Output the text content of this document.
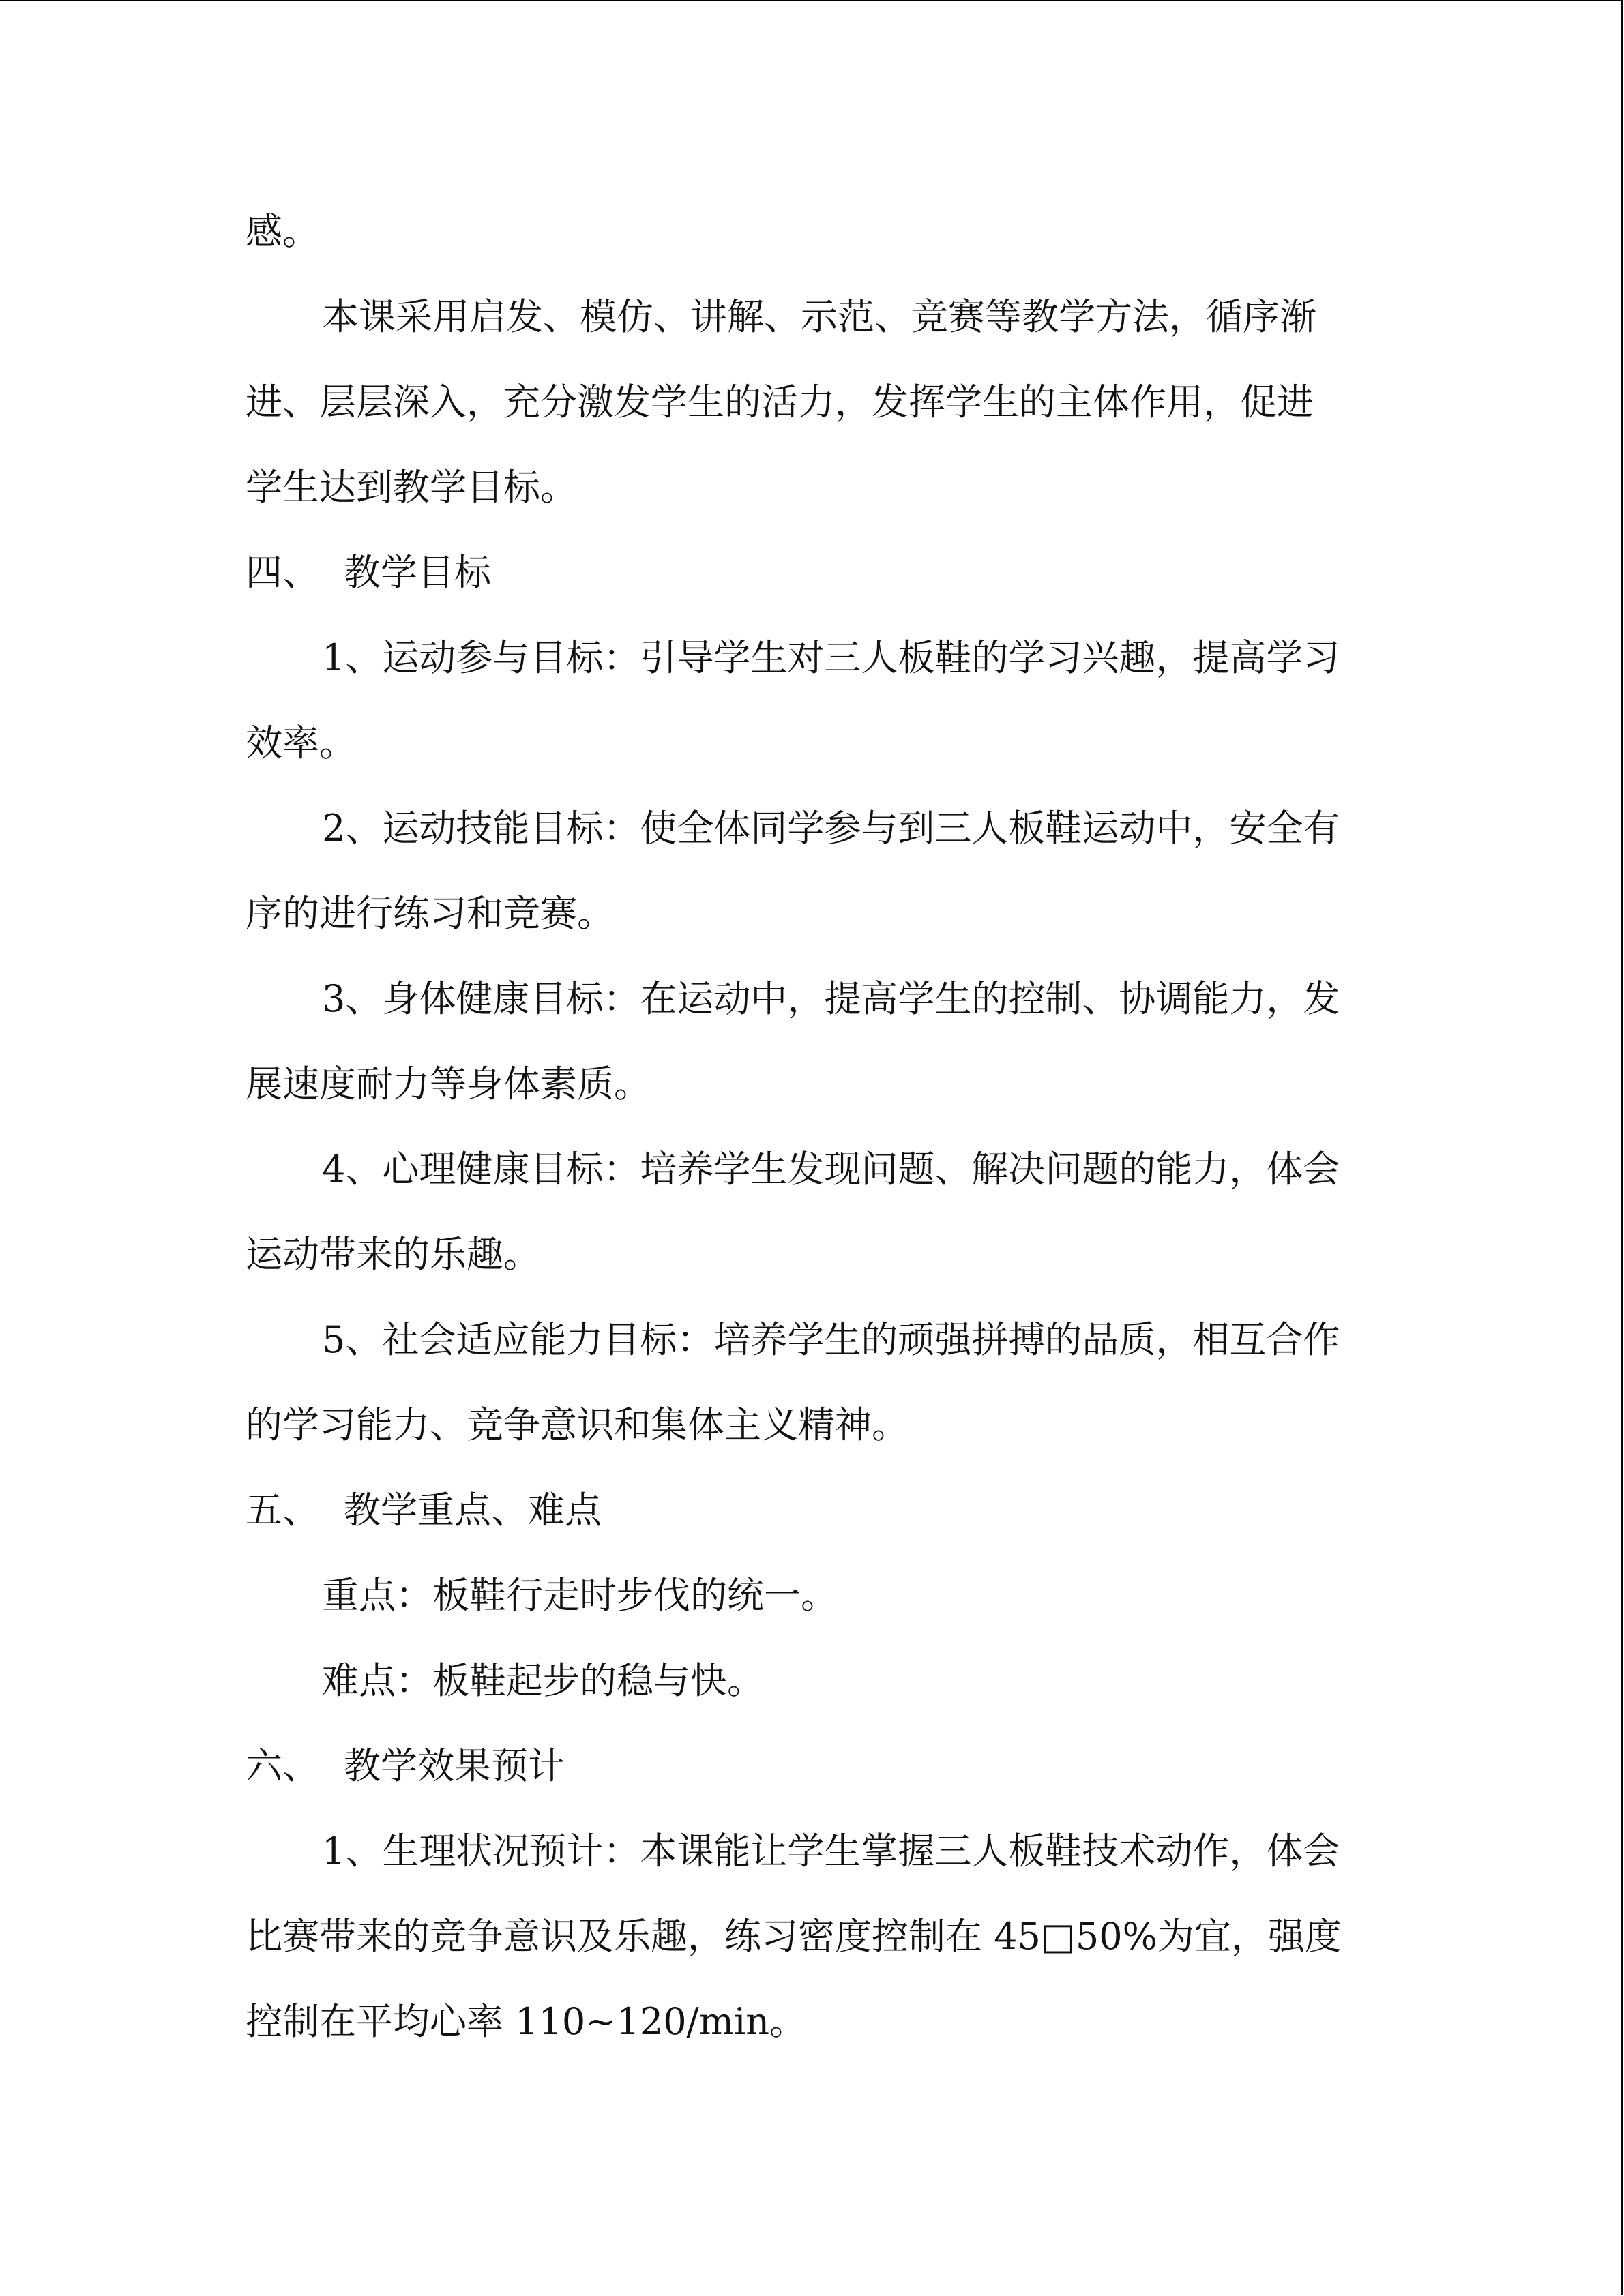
感。
本课采用启发、模仿、讲解、示范、竞赛等教学方法，循序渐
进、层层深入，充分激发学生的活力，发挥学生的主体作用，促进
学生达到教学目标。
四、 教学目标
1、运动参与目标：引导学生对三人板鞋的学习兴趣，提高学习
效率。
2、运动技能目标：使全体同学参与到三人板鞋运动中，安全有
序的进行练习和竞赛。
3、身体健康目标：在运动中，提高学生的控制、协调能力，发
展速度耐力等身体素质。
4、心理健康目标：培养学生发现问题、解决问题的能力，体会
运动带来的乐趣。
5、社会适应能力目标：培养学生的顽强拼搏的品质，相互合作
的学习能力、竞争意识和集体主义精神。
五、 教学重点、难点
重点：板鞋行走时步伐的统一。
难点：板鞋起步的稳与快。
六、 教学效果预计
1、生理状况预计：本课能让学生掌握三人板鞋技术动作，体会
比赛带来的竞争意识及乐趣，练习密度控制在 45□50%为宜，强度
控制在平均心率 110~120/min。
